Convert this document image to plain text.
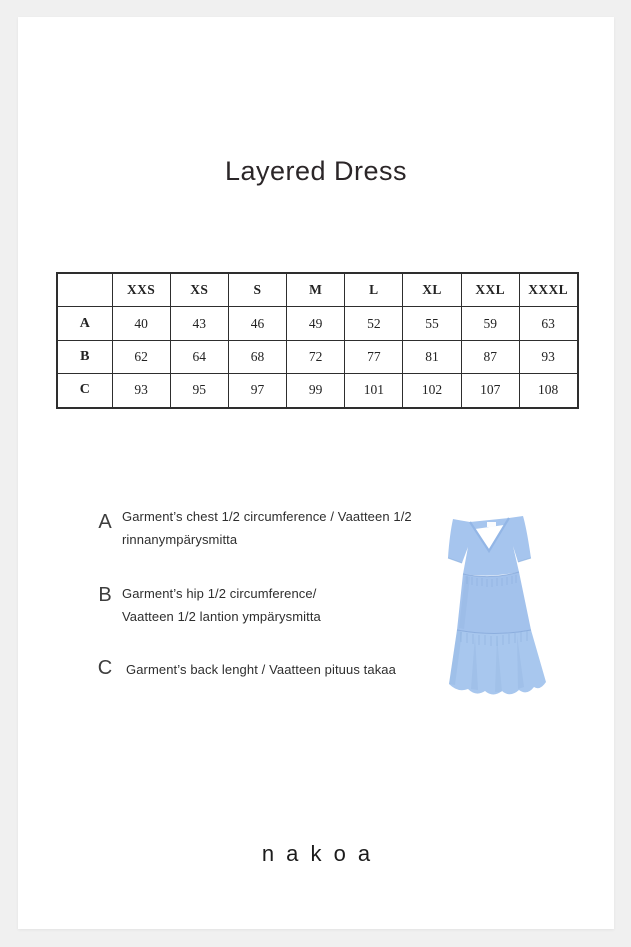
Layered Dress
	XXS	XS	S	M	L	XL	XXL	XXXL
A	40	43	46	49	52	55	59	63
B	62	64	68	72	77	81	87	93
C	93	95	97	99	101	102	107	108
A Garment’s chest 1/2 circumference / Vaatteen 1/2
rinnanympärysmitta
B Garment’s hip 1/2 circumference/
Vaatteen 1/2 lantion ympärysmitta
C	Garment’s back lenght / Vaatteen pituus takaa
nakoa
